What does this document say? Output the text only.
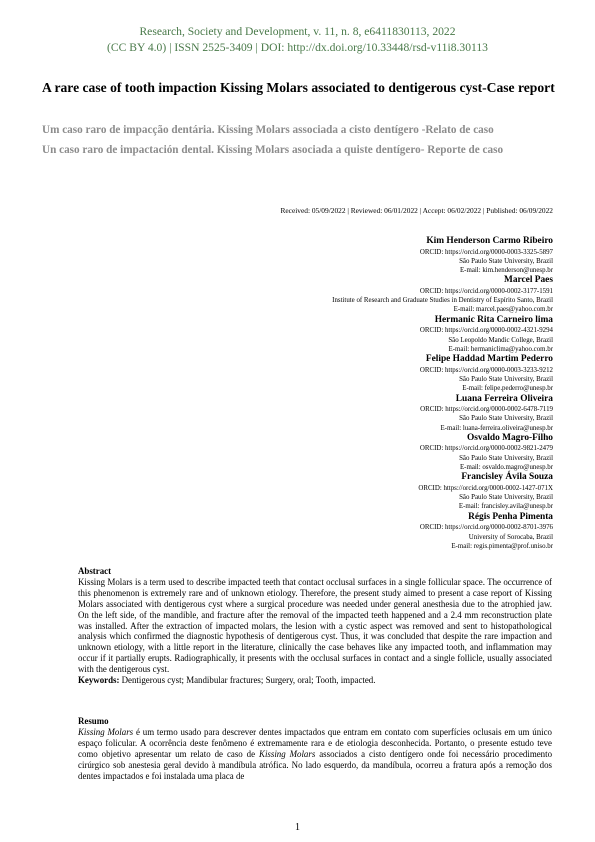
Research, Society and Development, v. 11, n. 8, e6411830113, 2022
(CC BY 4.0) | ISSN 2525-3409 | DOI: http://dx.doi.org/10.33448/rsd-v11i8.30113
A rare case of tooth impaction Kissing Molars associated to dentigerous cyst-Case report
Um caso raro de impacção dentária. Kissing Molars associada a cisto dentígero -Relato de caso
Un caso raro de impactación dental. Kissing Molars asociada a quiste dentígero- Reporte de caso
Received: 05/09/2022 | Reviewed: 06/01/2022 | Accept: 06/02/2022 | Published: 06/09/2022
Kim Henderson Carmo Ribeiro
ORCID: https://orcid.org/0000-0003-3325-5897
São Paulo State University, Brazil
E-mail: kim.henderson@unesp.br
Marcel Paes
ORCID: https://orcid.org/0000-0002-3177-1591
Institute of Research and Graduate Studies in Dentistry of Espírito Santo, Brazil
E-mail: marcel.paes@yahoo.com.br
Hermanic Rita Carneiro lima
ORCID: https://orcid.org/0000-0002-4321-9294
São Leopoldo Mandic College, Brazil
E-mail: hermaniclima@yahoo.com.br
Felipe Haddad Martim Pederro
ORCID: https://orcid.org/0000-0003-3233-9212
São Paulo State University, Brazil
E-mail: felipe.pederro@unesp.br
Luana Ferreira Oliveira
ORCID: https://orcid.org/0000-0002-6478-7119
São Paulo State University, Brazil
E-mail: luana-ferreira.oliveira@unesp.br
Osvaldo Magro-Filho
ORCID: https://orcid.org/0000-0002-9821-2479
São Paulo State University, Brazil
E-mail: osvaldo.magro@unesp.br
Francisley Ávila Souza
ORCID: https://orcid.org/0000-0002-1427-071X
São Paulo State University, Brazil
E-mail: francisley.avila@unesp.br
Régis Penha Pimenta
ORCID: https://orcid.org/0000-0002-8701-3976
University of Sorocaba, Brazil
E-mail: regis.pimenta@prof.uniso.br
Abstract

Kissing Molars is a term used to describe impacted teeth that contact occlusal surfaces in a single follicular space. The occurrence of this phenomenon is extremely rare and of unknown etiology. Therefore, the present study aimed to present a case report of Kissing Molars associated with dentigerous cyst where a surgical procedure was needed under general anesthesia due to the atrophied jaw. On the left side, of the mandible, and fracture after the removal of the impacted teeth happened and a 2.4 mm reconstruction plate was installed. After the extraction of impacted molars, the lesion with a cystic aspect was removed and sent to histopathological analysis which confirmed the diagnostic hypothesis of dentigerous cyst. Thus, it was concluded that despite the rare impaction and unknown etiology, with a little report in the literature, clinically the case behaves like any impacted tooth, and inflammation may occur if it partially erupts. Radiographically, it presents with the occlusal surfaces in contact and a single follicle, usually associated with the dentigerous cyst.

Keywords: Dentigerous cyst; Mandibular fractures; Surgery, oral; Tooth, impacted.

Resumo

Kissing Molars é um termo usado para descrever dentes impactados que entram em contato com superfícies oclusais em um único espaço folicular. A ocorrência deste fenômeno é extremamente rara e de etiologia desconhecida. Portanto, o presente estudo teve como objetivo apresentar um relato de caso de Kissing Molars associados a cisto dentígero onde foi necessário procedimento cirúrgico sob anestesia geral devido à mandíbula atrófica. No lado esquerdo, da mandíbula, ocorreu a fratura após a remoção dos dentes impactados e foi instalada uma placa de

1
